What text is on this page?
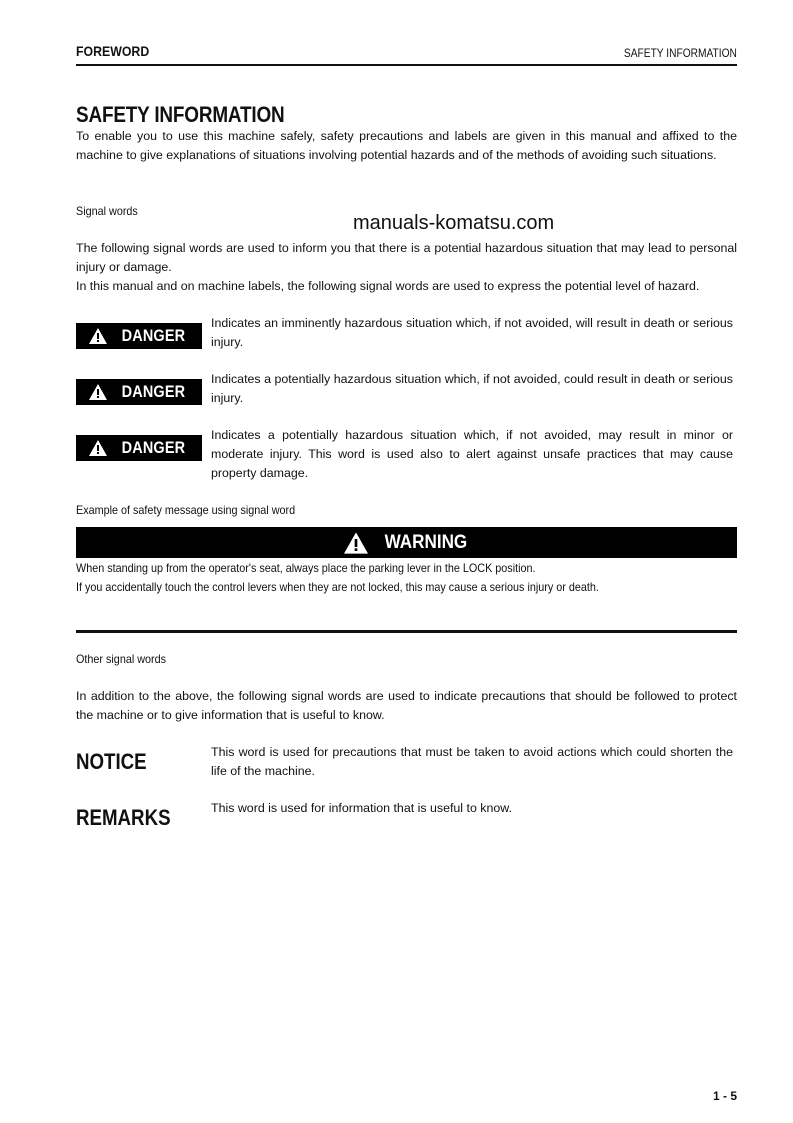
FOREWORD	SAFETY INFORMATION
SAFETY INFORMATION
To enable you to use this machine safely, safety precautions and labels are given in this manual and affixed to the machine to give explanations of situations involving potential hazards and of the methods of avoiding such situations.
Signal words
manuals-komatsu.com
The following signal words are used to inform you that there is a potential hazardous situation that may lead to personal injury or damage.
In this manual and on machine labels, the following signal words are used to express the potential level of hazard.
DANGER
Indicates an imminently hazardous situation which, if not avoided, will result in death or serious injury.
DANGER
Indicates a potentially hazardous situation which, if not avoided, could result in death or serious injury.
DANGER
Indicates a potentially hazardous situation which, if not avoided, may result in minor or moderate injury. This word is used also to alert against unsafe practices that may cause property damage.
Example of safety message using signal word
WARNING
When standing up from the operator's seat, always place the parking lever in the LOCK position.
If you accidentally touch the control levers when they are not locked, this may cause a serious injury or death.
Other signal words
In addition to the above, the following signal words are used to indicate precautions that should be followed to protect the machine or to give information that is useful to know.
NOTICE	This word is used for precautions that must be taken to avoid actions which could shorten the life of the machine.
REMARKS	This word is used for information that is useful to know.
1 - 5
